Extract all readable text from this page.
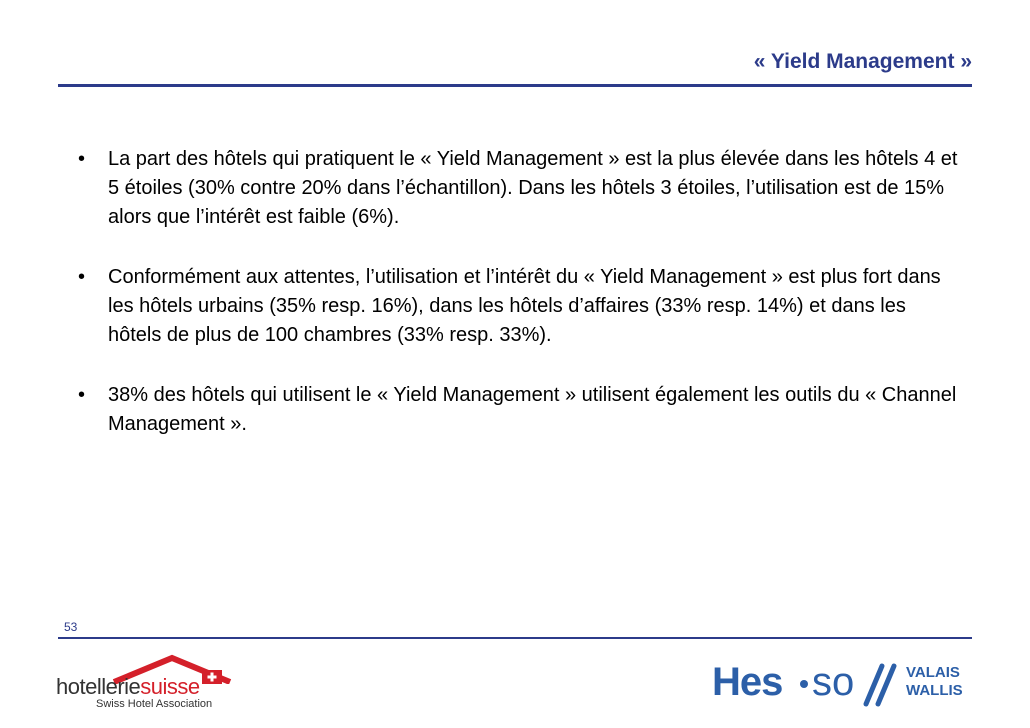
« Yield Management »
• La part des hôtels qui pratiquent le « Yield Management » est la plus élevée dans les hôtels 4 et 5 étoiles (30% contre 20% dans l’échantillon). Dans les hôtels 3 étoiles, l’utilisation est de 15% alors que l’intérêt est faible (6%).
• Conformément aux attentes, l’utilisation et l’intérêt du « Yield Management » est plus fort dans les hôtels urbains (35% resp. 16%), dans les hôtels d’affaires (33% resp. 14%) et dans les hôtels de plus de 100 chambres (33% resp. 33%).
• 38% des hôtels qui utilisent le « Yield Management » utilisent également les outils du « Channel Management ».
53
hotelleriesuisse
Swiss Hotel Association	Hes so	VALAIS
WALLIS
